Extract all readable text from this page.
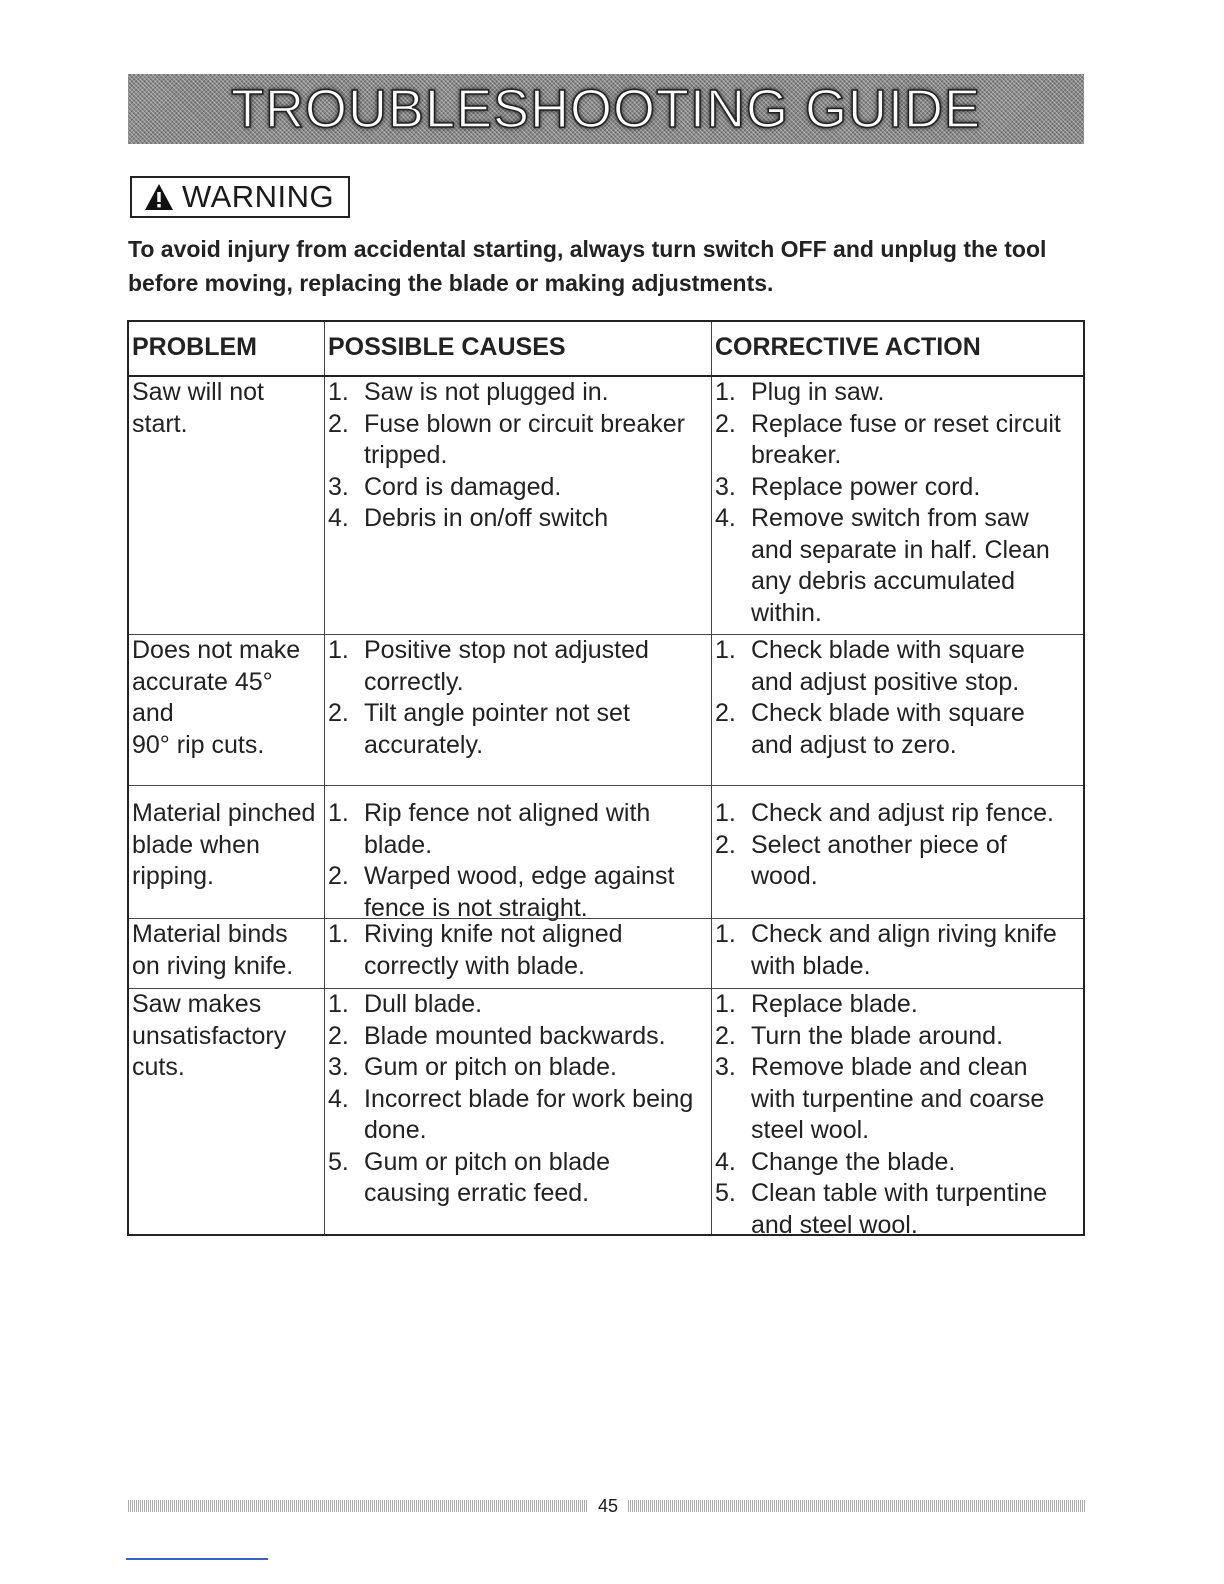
TROUBLESHOOTING GUIDE
WARNING
To avoid injury from accidental starting, always turn switch OFF and unplug the tool before moving, replacing the blade or making adjustments.
PROBLEM	POSSIBLE CAUSES	CORRECTIVE ACTION
Saw will not
start.
1. Saw is not plugged in.
2. Fuse blown or circuit breaker
tripped.
3. Cord is damaged.
4. Debris in on/off switch
1. Plug in saw.
2. Replace fuse or reset circuit
breaker.
3. Replace power cord.
4. Remove switch from saw
and separate in half. Clean
any debris accumulated
within.
Does not make
accurate 45°
and
90° rip cuts.
1. Positive stop not adjusted
correctly.
2. Tilt angle pointer not set
accurately.
1. Check blade with square
and adjust positive stop.
2. Check blade with square
and adjust to zero.
Material pinched
blade when
ripping.
1. Rip fence not aligned with
blade.
2. Warped wood, edge against
fence is not straight.
1. Check and adjust rip fence.
2. Select another piece of
wood.
Material binds
on riving knife.
1. Riving knife not aligned
correctly with blade.
1. Check and align riving knife
with blade.
Saw makes
unsatisfactory
cuts.
1. Dull blade.
2. Blade mounted backwards.
3. Gum or pitch on blade.
4. Incorrect blade for work being
done.
5. Gum or pitch on blade
causing erratic feed.
1. Replace blade.
2. Turn the blade around.
3. Remove blade and clean
with turpentine and coarse
steel wool.
4. Change the blade.
5. Clean table with turpentine
and steel wool.
45
